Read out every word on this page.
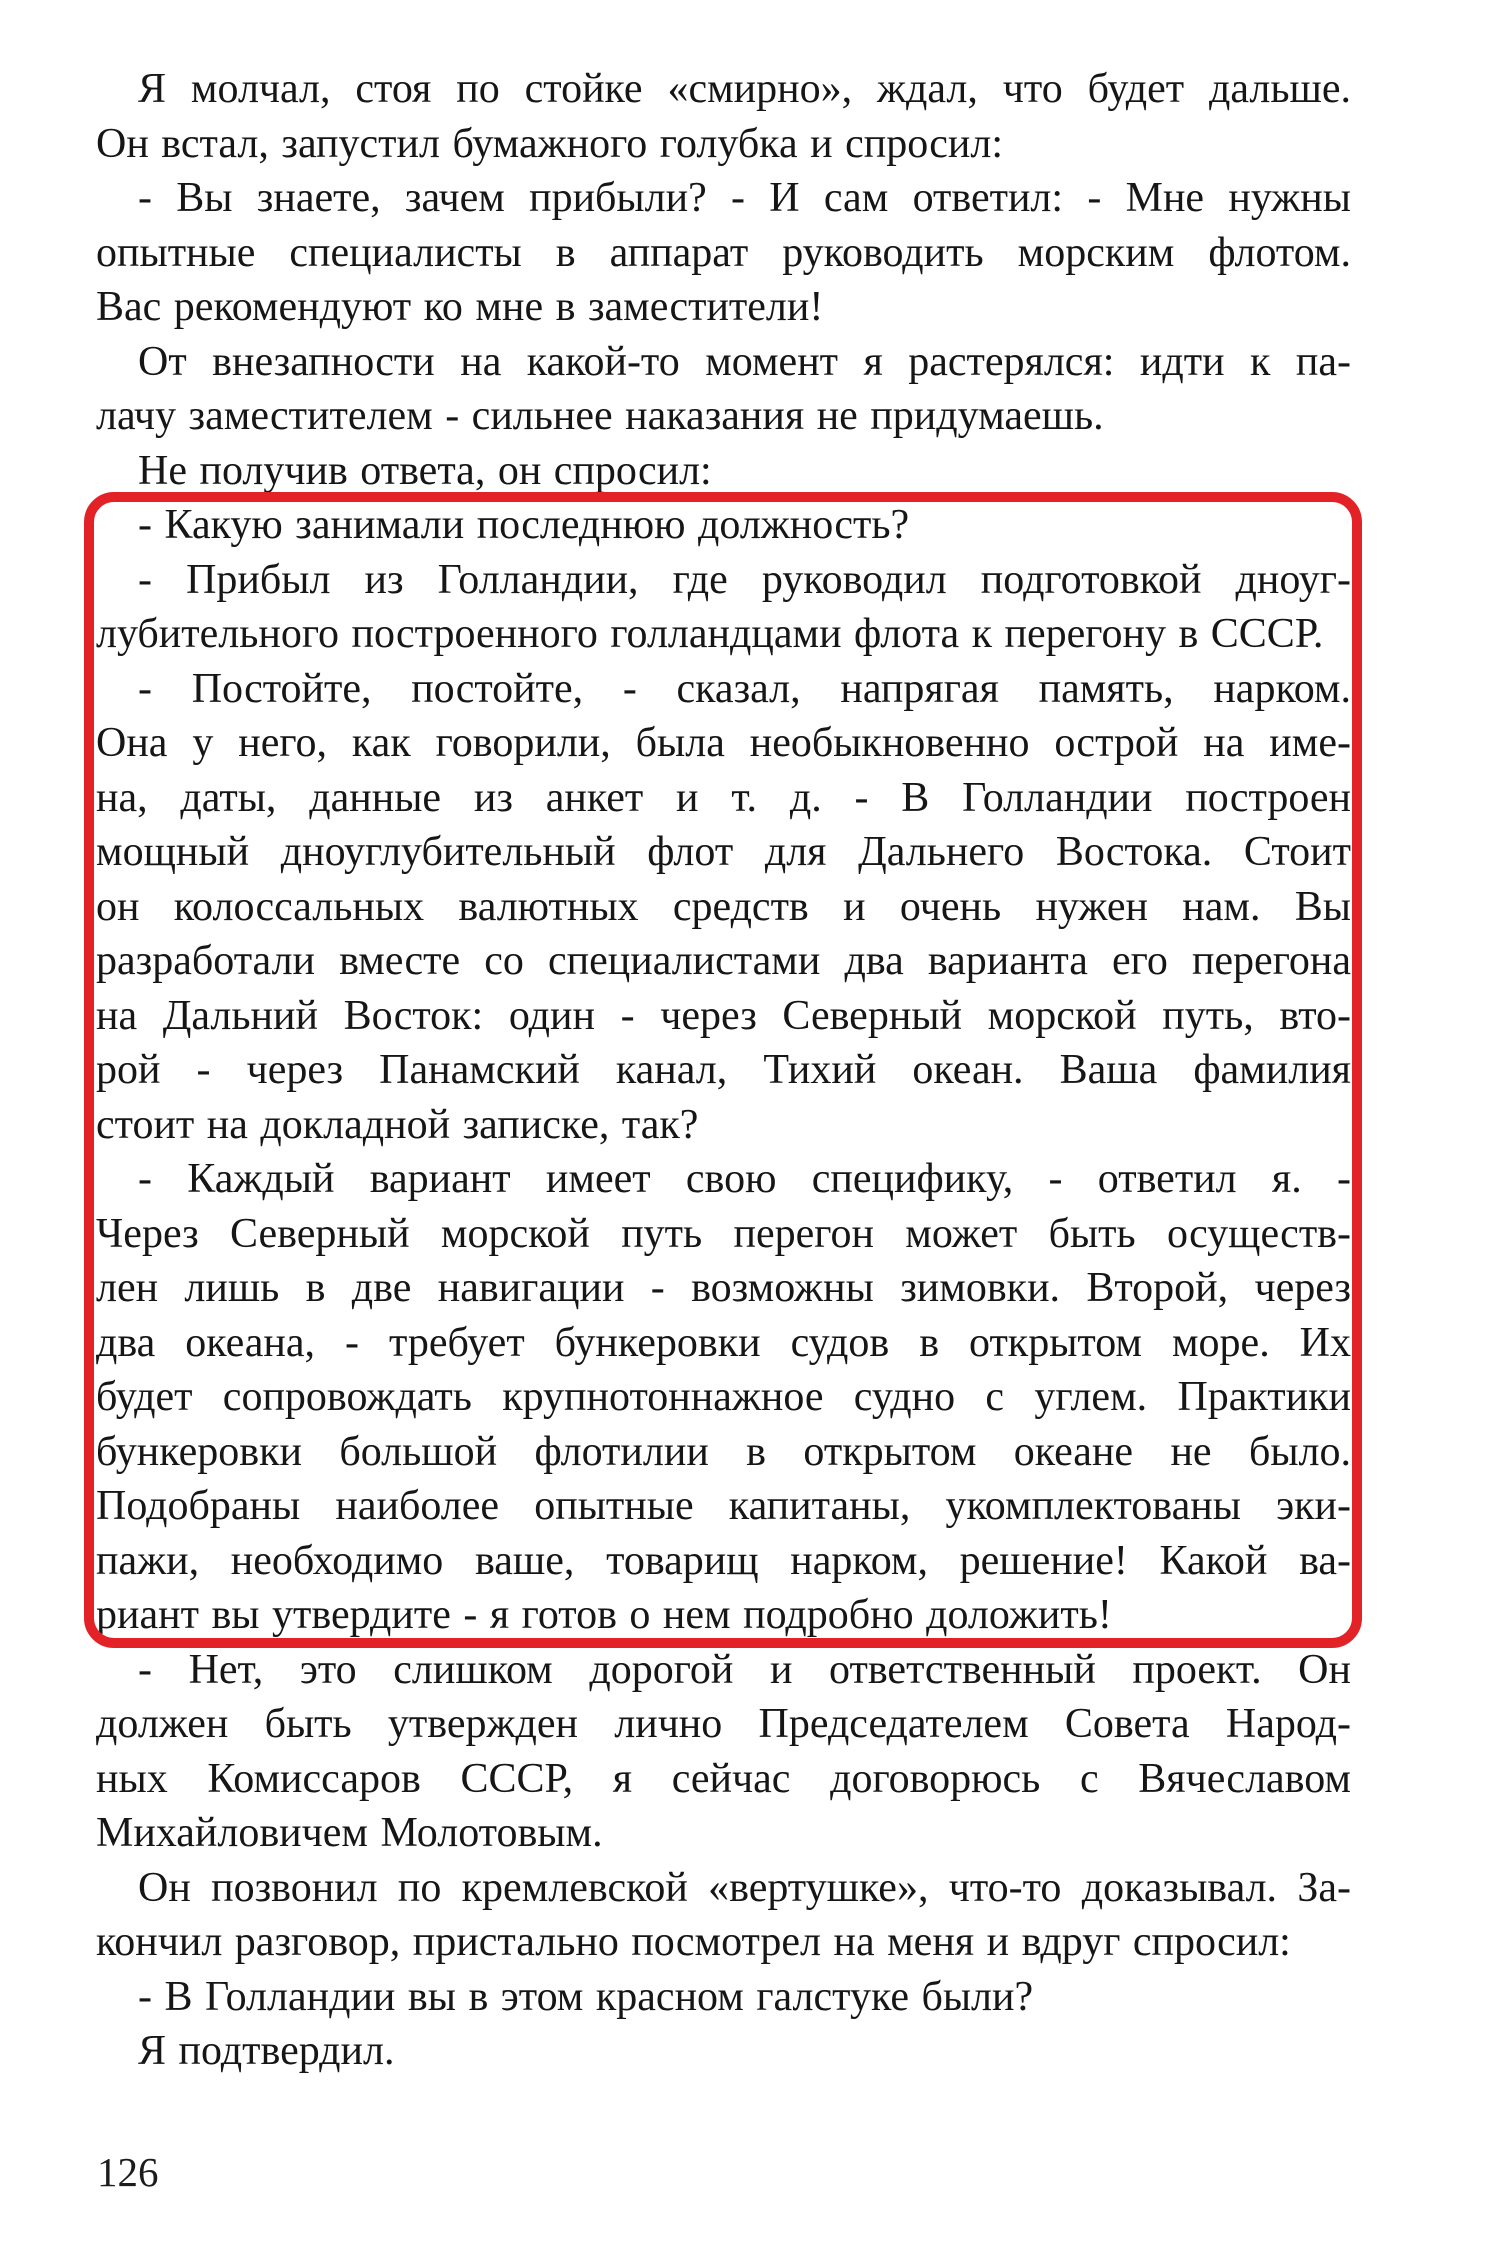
Я молчал, стоя по стойке «смирно», ждал, что будет дальше.
Он встал, запустил бумажного голубка и спросил:
- Вы знаете, зачем прибыли? - И сам ответил: - Мне нужны
опытные специалисты в аппарат руководить морским флотом.
Вас рекомендуют ко мне в заместители!
От внезапности на какой-то момент я растерялся: идти к па-
лачу заместителем - сильнее наказания не придумаешь.
Не получив ответа, он спросил:
- Какую занимали последнюю должность?
- Прибыл из Голландии, где руководил подготовкой дноуг-
лубительного построенного голландцами флота к перегону в СССР.
- Постойте, постойте, - сказал, напрягая память, нарком.
Она у него, как говорили, была необыкновенно острой на име-
на, даты, данные из анкет и т. д. - В Голландии построен
мощный дноуглубительный флот для Дальнего Востока. Стоит
он колоссальных валютных средств и очень нужен нам. Вы
разработали вместе со специалистами два варианта его перегона
на Дальний Восток: один - через Северный морской путь, вто-
рой - через Панамский канал, Тихий океан. Ваша фамилия
стоит на докладной записке, так?
- Каждый вариант имеет свою специфику, - ответил я. -
Через Северный морской путь перегон может быть осуществ-
лен лишь в две навигации - возможны зимовки. Второй, через
два океана, - требует бункеровки судов в открытом море. Их
будет сопровождать крупнотоннажное судно с углем. Практики
бункеровки большой флотилии в открытом океане не было.
Подобраны наиболее опытные капитаны, укомплектованы эки-
пажи, необходимо ваше, товарищ нарком, решение! Какой ва-
риант вы утвердите - я готов о нем подробно доложить!
- Нет, это слишком дорогой и ответственный проект. Он
должен быть утвержден лично Председателем Совета Народ-
ных Комиссаров СССР, я сейчас договорюсь с Вячеславом
Михайловичем Молотовым.
Он позвонил по кремлевской «вертушке», что-то доказывал. За-
кончил разговор, пристально посмотрел на меня и вдруг спросил:
- В Голландии вы в этом красном галстуке были?
Я подтвердил.
126
